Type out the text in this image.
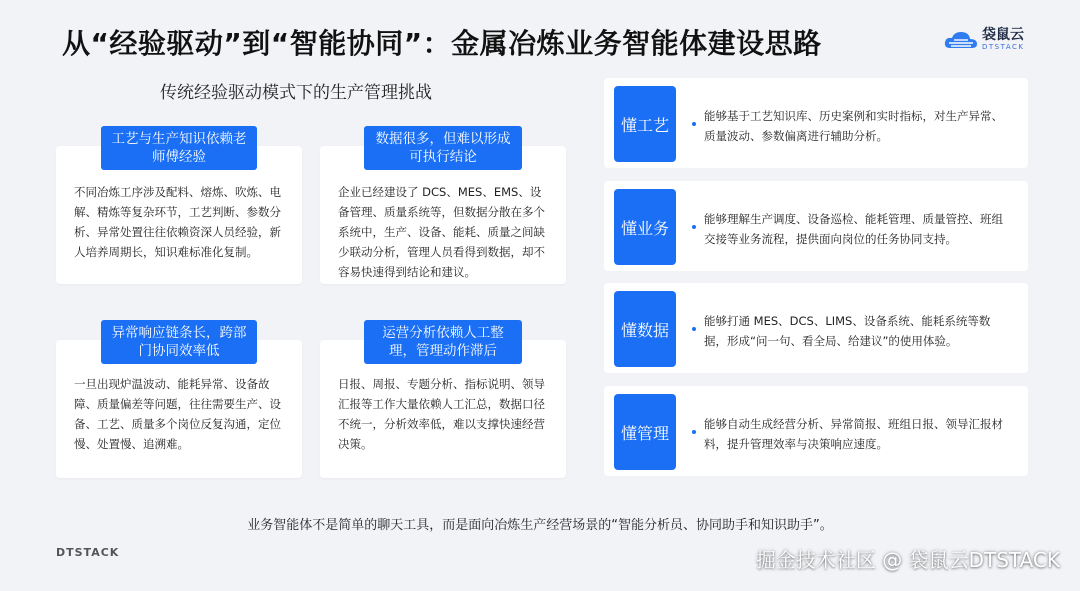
从“经验驱动”到“智能协同”：金属冶炼业务智能体建设思路	袋鼠云
DTSTACK
传统经验驱动模式下的生产管理挑战
不同冶炼工序涉及配料、熔炼、吹炼、电解、精炼等复杂环节，工艺判断、参数分析、异常处置往往依赖资深人员经验，新人培养周期长，知识难标准化复制。
工艺与生产知识依赖老师傅经验
企业已经建设了 DCS、MES、EMS、设备管理、质量系统等，但数据分散在多个系统中，生产、设备、能耗、质量之间缺少联动分析，管理人员看得到数据，却不容易快速得到结论和建议。
数据很多，但难以形成可执行结论
一旦出现炉温波动、能耗异常、设备故障、质量偏差等问题，往往需要生产、设备、工艺、质量多个岗位反复沟通，定位慢、处置慢、追溯难。
异常响应链条长，跨部门协同效率低
日报、周报、专题分析、指标说明、领导汇报等工作大量依赖人工汇总，数据口径不统一，分析效率低，难以支撑快速经营决策。
运营分析依赖人工整理，管理动作滞后
懂工艺	能够基于工艺知识库、历史案例和实时指标，对生产异常、质量波动、参数偏离进行辅助分析。
懂业务	能够理解生产调度、设备巡检、能耗管理、质量管控、班组交接等业务流程，提供面向岗位的任务协同支持。
懂数据	能够打通 MES、DCS、LIMS、设备系统、能耗系统等数据，形成“问一句、看全局、给建议”的使用体验。
懂管理	能够自动生成经营分析、异常简报、班组日报、领导汇报材料，提升管理效率与决策响应速度。
业务智能体不是简单的聊天工具，而是面向冶炼生产经营场景的“智能分析员、协同助手和知识助手”。
DTSTACK	掘金技术社区 @ 袋鼠云DTSTACK
